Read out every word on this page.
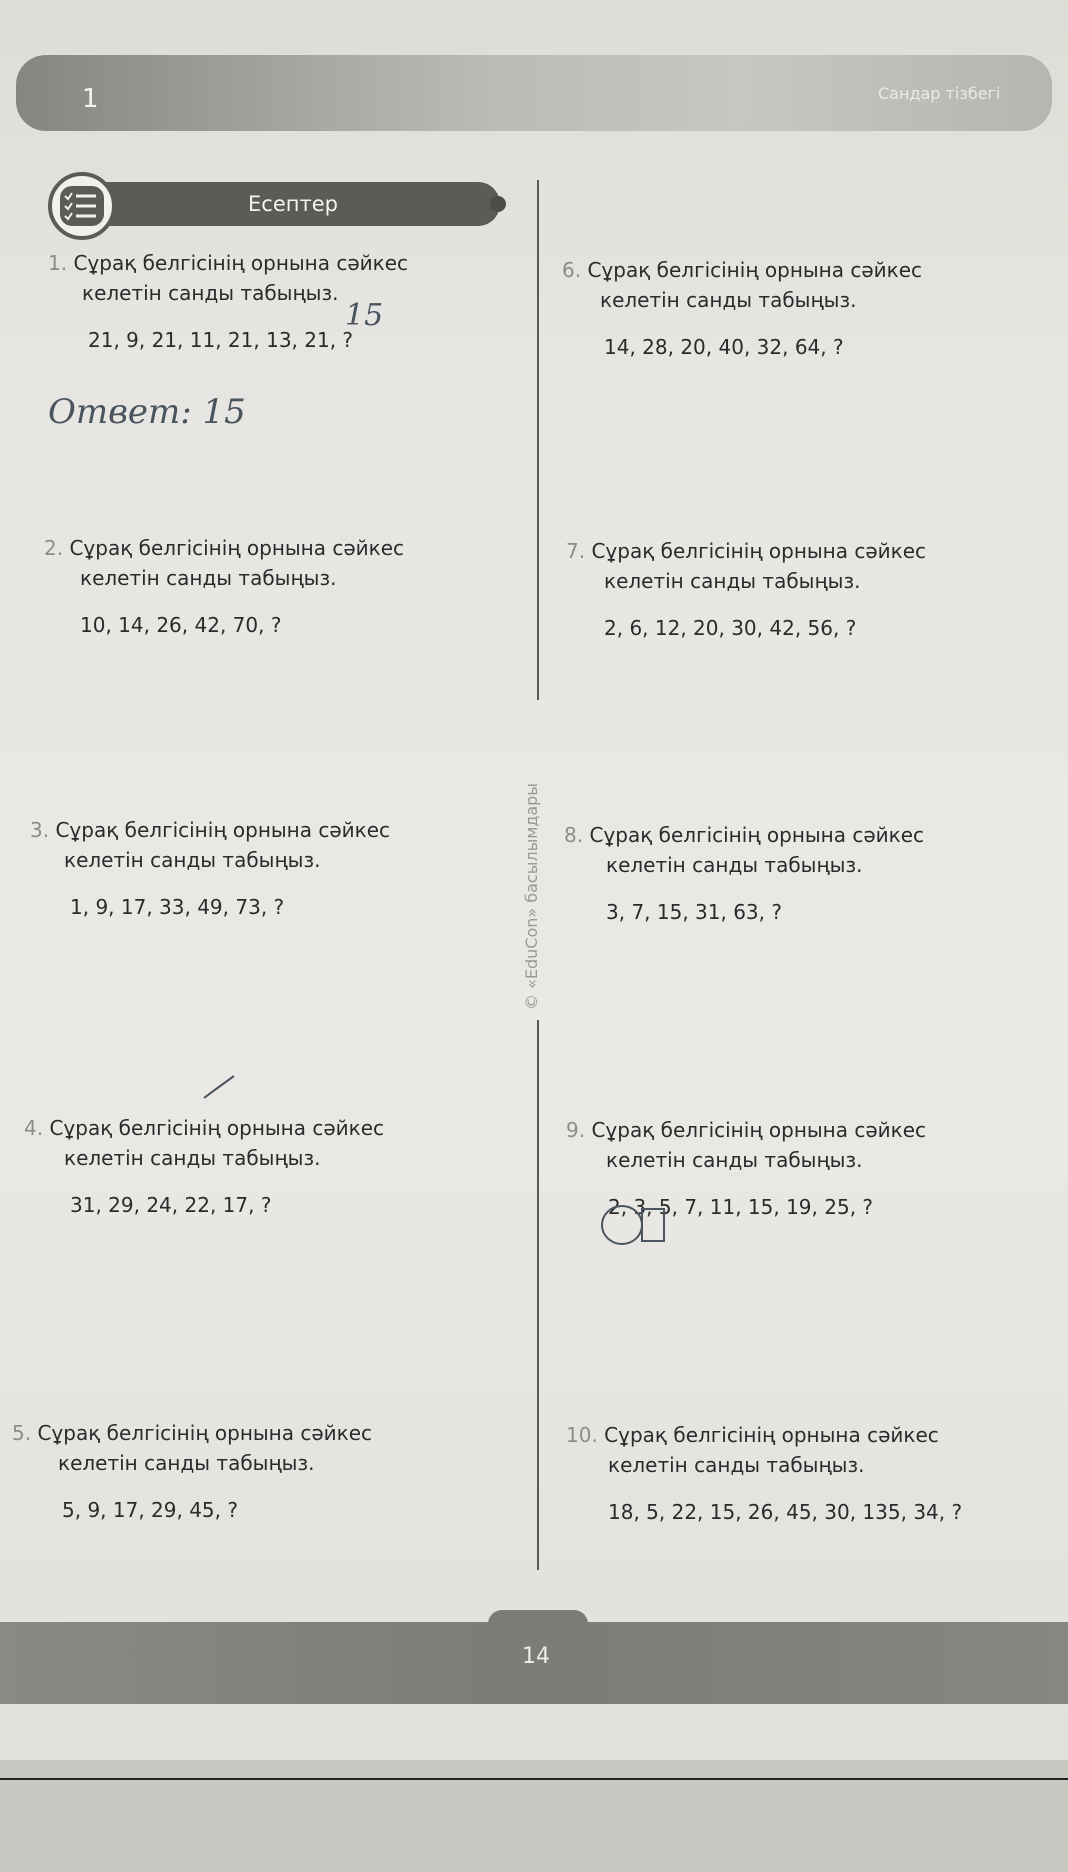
1	Сандар тізбегі
Есептер
© «EduCon» басылымдары
1. Сұрақ белгісінің орнына сәйкес
келетін санды табыңыз.
21, 9, 21, 11, 21, 13, 21, ?
2. Сұрақ белгісінің орнына сәйкес
келетін санды табыңыз.
10, 14, 26, 42, 70, ?
3. Сұрақ белгісінің орнына сәйкес
келетін санды табыңыз.
1, 9, 17, 33, 49, 73, ?
4. Сұрақ белгісінің орнына сәйкес
келетін санды табыңыз.
31, 29, 24, 22, 17, ?
5. Сұрақ белгісінің орнына сәйкес
келетін санды табыңыз.
5, 9, 17, 29, 45, ?
6. Сұрақ белгісінің орнына сәйкес
келетін санды табыңыз.
14, 28, 20, 40, 32, 64, ?
7. Сұрақ белгісінің орнына сәйкес
келетін санды табыңыз.
2, 6, 12, 20, 30, 42, 56, ?
8. Сұрақ белгісінің орнына сәйкес
келетін санды табыңыз.
3, 7, 15, 31, 63, ?
9. Сұрақ белгісінің орнына сәйкес
келетін санды табыңыз.
2, 3, 5, 7, 11, 15, 19, 25, ?
10. Сұрақ белгісінің орнына сәйкес
келетін санды табыңыз.
18, 5, 22, 15, 26, 45, 30, 135, 34, ?
15
Ответ: 15
14
